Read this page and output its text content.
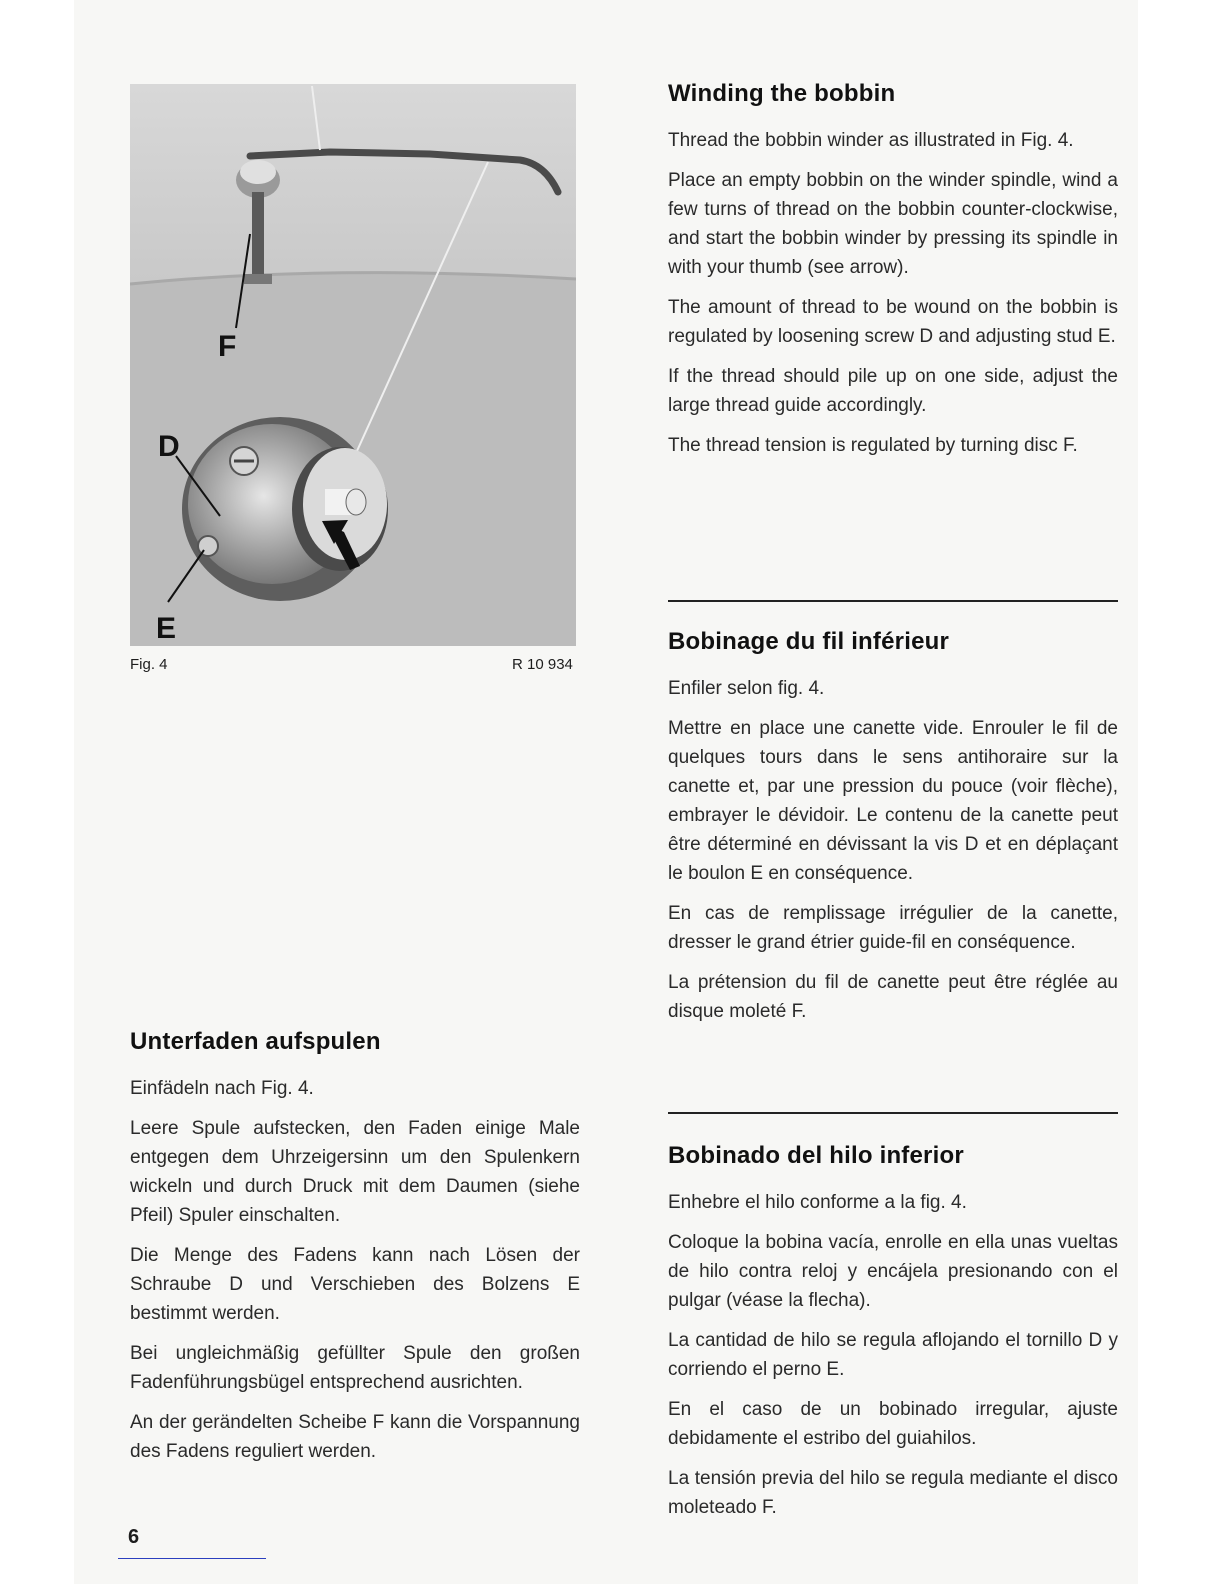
F
D
E
Fig. 4	R 10 934
Winding the bobbin

Thread the bobbin winder as illustrated in Fig. 4.

Place an empty bobbin on the winder spindle, wind a few turns of thread on the bobbin counter-clockwise, and start the bobbin winder by pressing its spindle in with your thumb (see arrow).

The amount of thread to be wound on the bobbin is regulated by loosening screw D and adjusting stud E.

If the thread should pile up on one side, adjust the large thread guide accordingly.

The thread tension is regulated by turning disc F.

Bobinage du fil inférieur

Enfiler selon fig. 4.

Mettre en place une canette vide. Enrouler le fil de quelques tours dans le sens antihoraire sur la canette et, par une pression du pouce (voir flèche), embrayer le dévidoir. Le contenu de la canette peut être déterminé en dévissant la vis D et en déplaçant le boulon E en conséquence.

En cas de remplissage irrégulier de la canette, dresser le grand étrier guide-fil en conséquence.

La prétension du fil de canette peut être réglée au disque moleté F.

Bobinado del hilo inferior

Enhebre el hilo conforme a la fig. 4.

Coloque la bobina vacía, enrolle en ella unas vueltas de hilo contra reloj y encájela presionando con el pulgar (véase la flecha).

La cantidad de hilo se regula aflojando el tornillo D y corriendo el perno E.

En el caso de un bobinado irregular, ajuste debidamente el estribo del guiahilos.

La tensión previa del hilo se regula mediante el disco moleteado F.

Unterfaden aufspulen

Einfädeln nach Fig. 4.

Leere Spule aufstecken, den Faden einige Male entgegen dem Uhrzeigersinn um den Spulenkern wickeln und durch Druck mit dem Daumen (siehe Pfeil) Spuler einschalten.

Die Menge des Fadens kann nach Lösen der Schraube D und Verschieben des Bolzens E bestimmt werden.

Bei ungleichmäßig gefüllter Spule den großen Fadenführungsbügel entsprechend ausrichten.

An der gerändelten Scheibe F kann die Vorspannung des Fadens reguliert werden.

6
